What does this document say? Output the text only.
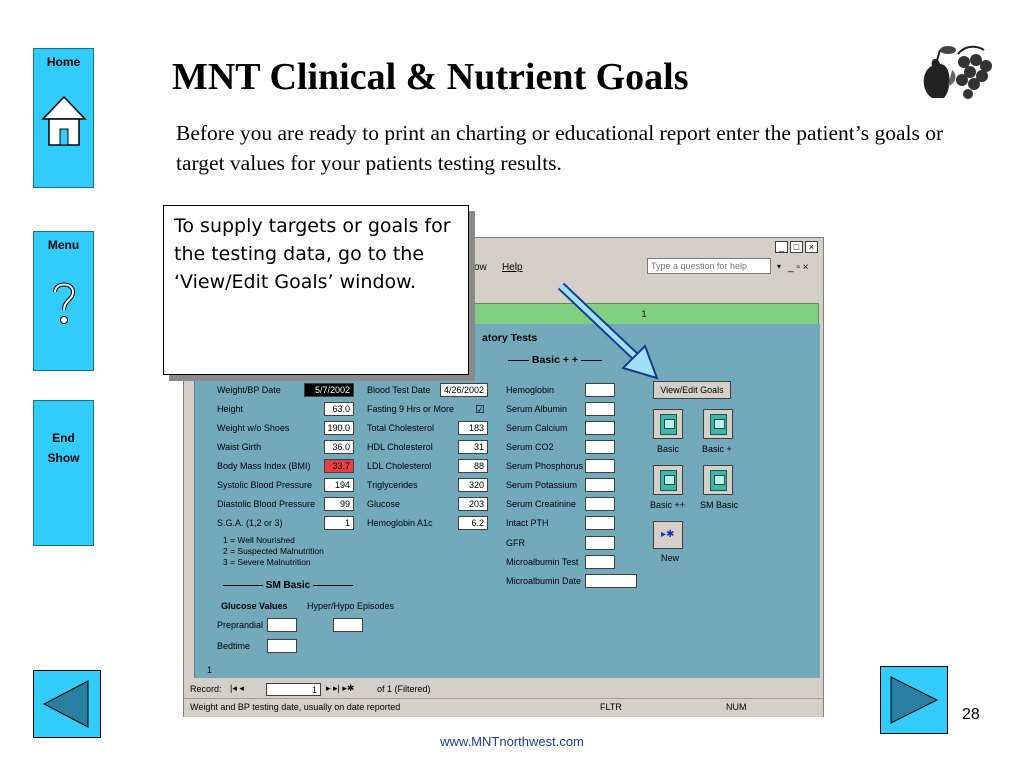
Home
Menu
End
Show
MNT Clinical & Nutrient Goals
Before you are ready to print an charting or educational report enter the patient’s goals or target values for your patients testing results.
_	□	×
ow Help	Type a question for help	▾ _ ▫ ×
1
atory Tests
—— Basic + + ——
Weight/BP Date	5/7/2002
Height	63.0
Weight w/o Shoes	190.0
Waist Girth	36.0
Body Mass Index (BMI)	33.7
Systolic Blood Pressure	194
Diastolic Blood Pressure	99
S.G.A. (1,2 or 3)	1
1 = Well Nourished
2 = Suspected Malnutrition
3 = Severe Malnutrition
———— SM Basic ————
Glucose Values Hyper/Hypo Episodes
Preprandial
Bedtime
Blood Test Date	4/26/2002
Fasting 9 Hrs or More ☑
Total Cholesterol	183
HDL Cholesterol	31
LDL Cholesterol	88
Triglycerides	320
Glucose	203
Hemoglobin A1c	6.2
Hemoglobin
Serum Albumin
Serum Calcium
Serum CO2
Serum Phosphorus
Serum Potassium
Serum Creatinine
Intact PTH
GFR
Microalbumin Test
Microalbumin Date
View/Edit Goals
Basic	Basic +
Basic ++ SM Basic
▸✱
New
1
Record: |◂ ◂	1	▸ ▸| ▸✱	of 1 (Filtered)
Weight and BP testing date, usually on date reported	FLTR	NUM
To supply targets or goals for the testing data, go to the ‘View/Edit Goals’ window.
28
www.MNTnorthwest.com
